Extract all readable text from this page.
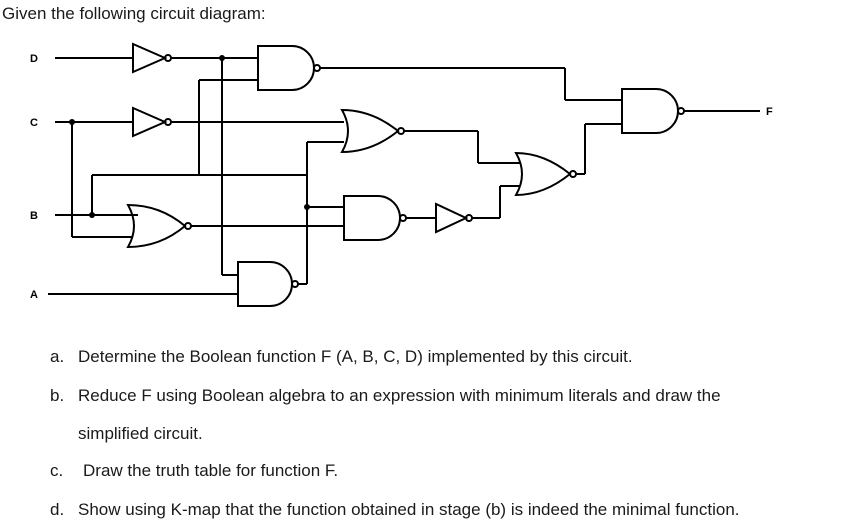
Given the following circuit diagram:
D
C
B
A
F
a. Determine the Boolean function F (A, B, C, D) implemented by this circuit.
b. Reduce F using Boolean algebra to an expression with minimum literals and draw the
simplified circuit.
c. Draw the truth table for function F.
d. Show using K-map that the function obtained in stage (b) is indeed the minimal function.
